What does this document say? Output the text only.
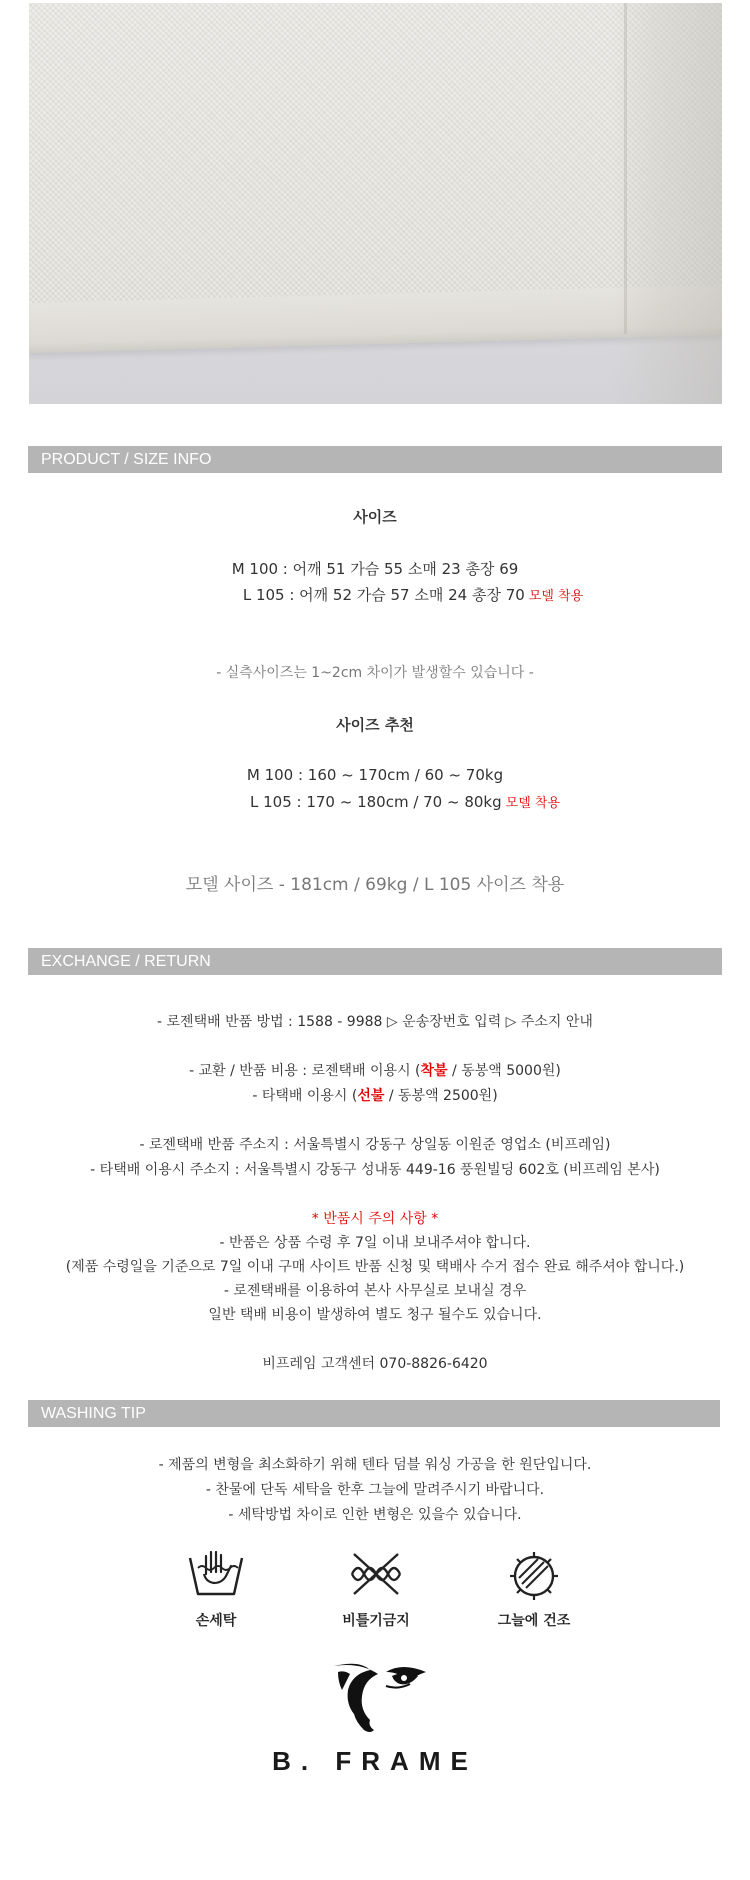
PRODUCT / SIZE INFO
사이즈
M 100 : 어깨 51 가슴 55 소매 23 총장 69
L 105 : 어깨 52 가슴 57 소매 24 총장 70 모델 착용
- 실측사이즈는 1~2cm 차이가 발생할수 있습니다 -
사이즈 추천
M 100 : 160 ~ 170cm / 60 ~ 70kg
L 105 : 170 ~ 180cm / 70 ~ 80kg 모델 착용
모델 사이즈 - 181cm / 69kg / L 105 사이즈 착용
EXCHANGE / RETURN
- 로젠택배 반품 방법 : 1588 - 9988 ▷ 운송장번호 입력 ▷ 주소지 안내
- 교환 / 반품 비용 : 로젠택배 이용시 (착불 / 동봉액 5000원)
- 타택배 이용시 (선불 / 동봉액 2500원)
- 로젠택배 반품 주소지 : 서울특별시 강동구 상일동 이원준 영업소 (비프레임)
- 타택배 이용시 주소지 : 서울특별시 강동구 성내동 449-16 풍원빌딩 602호 (비프레임 본사)
* 반품시 주의 사항 *
- 반품은 상품 수령 후 7일 이내 보내주셔야 합니다.
(제품 수령일을 기준으로 7일 이내 구매 사이트 반품 신청 및 택배사 수거 접수 완료 해주셔야 합니다.)
- 로젠택배를 이용하여 본사 사무실로 보내실 경우
일반 택배 비용이 발생하여 별도 청구 될수도 있습니다.
비프레임 고객센터 070-8826-6420
WASHING TIP
- 제품의 변형을 최소화하기 위해 텐타 덤블 워싱 가공을 한 원단입니다.
- 찬물에 단독 세탁을 한후 그늘에 말려주시기 바랍니다.
- 세탁방법 차이로 인한 변형은 있을수 있습니다.
손세탁	비틀기금지	그늘에 건조
B. FRAME
